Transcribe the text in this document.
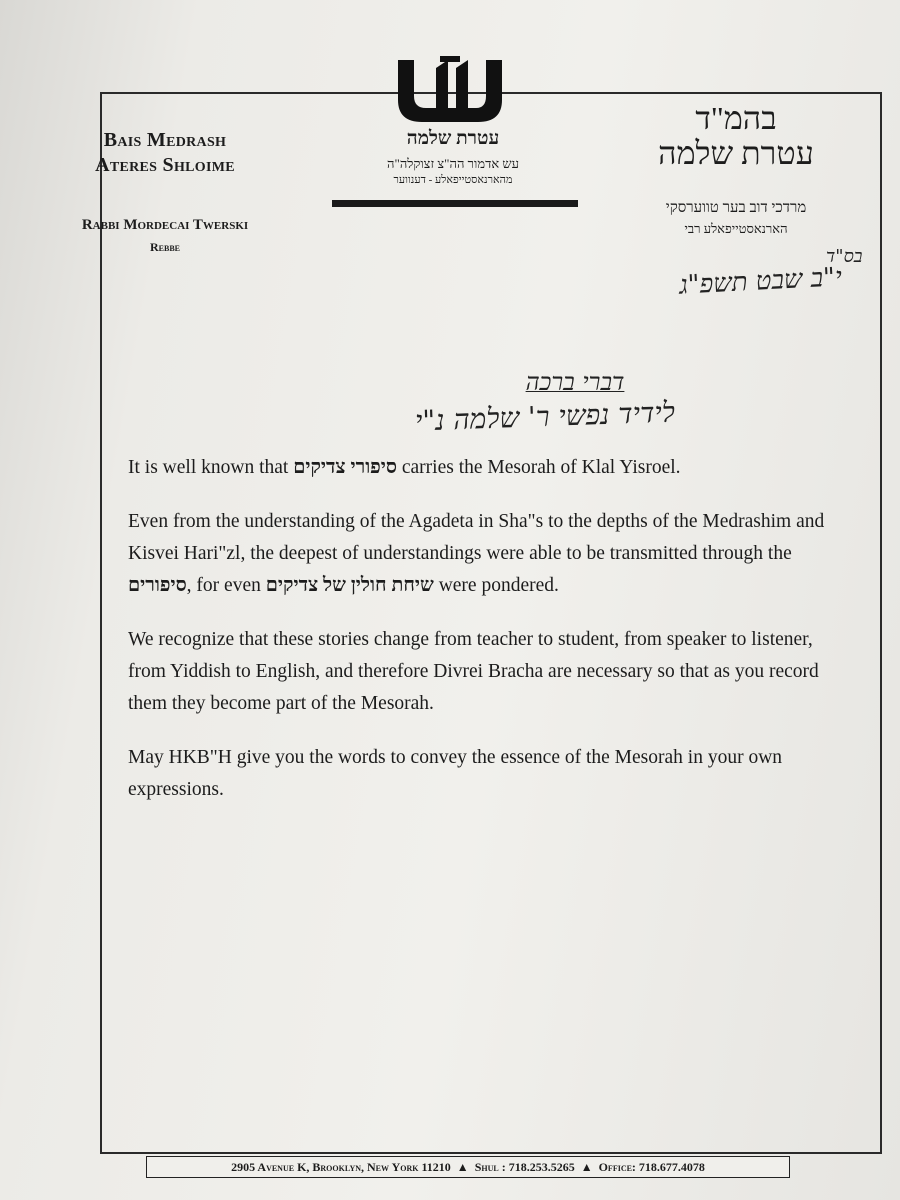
Bais Medrash
Ateres Shloime
Rabbi Mordecai Twerski
Rebbe
עטרת שלמה
עש אדמור הה"צ זצוקלה"ה
מהארנאסטייפאלע - דענווער
בהמ"ד
עטרת שלמה
מרדכי דוב בער טווערסקי
הארנאסטייפאלע רבי
בס"ד
י"ב שבט תשפ"ג
דברי ברכה
לידיד נפשי ר' שלמה נ"י

It is well known that סיפורי צדיקים carries the Mesorah of Klal Yisroel.

Even from the understanding of the Agadeta in Sha"s to the depths of the Medrashim and Kisvei Hari"zl, the deepest of understandings were able to be transmitted through the סיפורים, for even שיחת חולין של צדיקים were pondered.

We recognize that these stories change from teacher to student, from speaker to listener, from Yiddish to English, and therefore Divrei Bracha are necessary so that as you record them they become part of the Mesorah.

May HKB"H give you the words to convey the essence of the Mesorah in your own expressions.

2905 Avenue K, Brooklyn, New York 11210 ▲ Shul : 718.253.5265 ▲ Office: 718.677.4078
